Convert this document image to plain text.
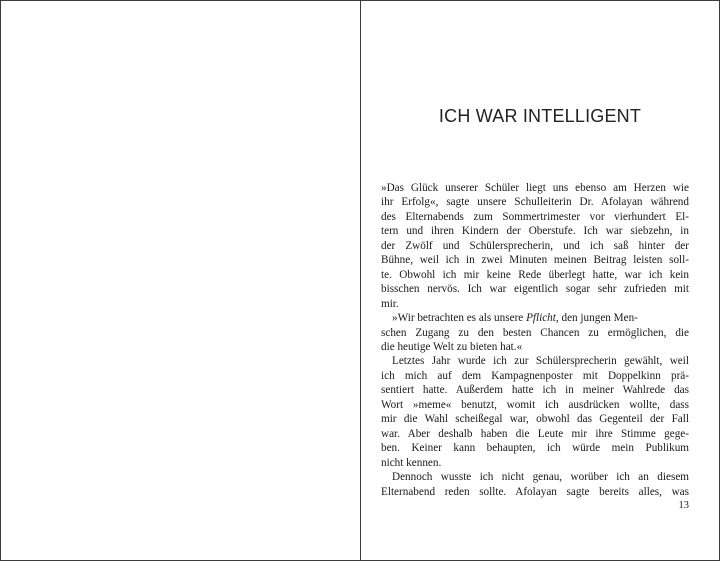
ICH WAR INTELLIGENT
»Das Glück unserer Schüler liegt uns ebenso am Herzen wie
ihr Erfolg«, sagte unsere Schulleiterin Dr. Afolayan während
des Elternabends zum Sommertrimester vor vierhundert El-
tern und ihren Kindern der Oberstufe. Ich war siebzehn, in
der Zwölf und Schülersprecherin, und ich saß hinter der
Bühne, weil ich in zwei Minuten meinen Beitrag leisten soll-
te. Obwohl ich mir keine Rede überlegt hatte, war ich kein
bisschen nervös. Ich war eigentlich sogar sehr zufrieden mit
mir.
»Wir betrachten es als unsere Pflicht, den jungen Men-
schen Zugang zu den besten Chancen zu ermöglichen, die
die heutige Welt zu bieten hat.«
Letztes Jahr wurde ich zur Schülersprecherin gewählt, weil
ich mich auf dem Kampagnenposter mit Doppelkinn prä-
sentiert hatte. Außerdem hatte ich in meiner Wahlrede das
Wort »meme« benutzt, womit ich ausdrücken wollte, dass
mir die Wahl scheißegal war, obwohl das Gegenteil der Fall
war. Aber deshalb haben die Leute mir ihre Stimme gege-
ben. Keiner kann behaupten, ich würde mein Publikum
nicht kennen.
Dennoch wusste ich nicht genau, worüber ich an diesem
Elternabend reden sollte. Afolayan sagte bereits alles, was
13
